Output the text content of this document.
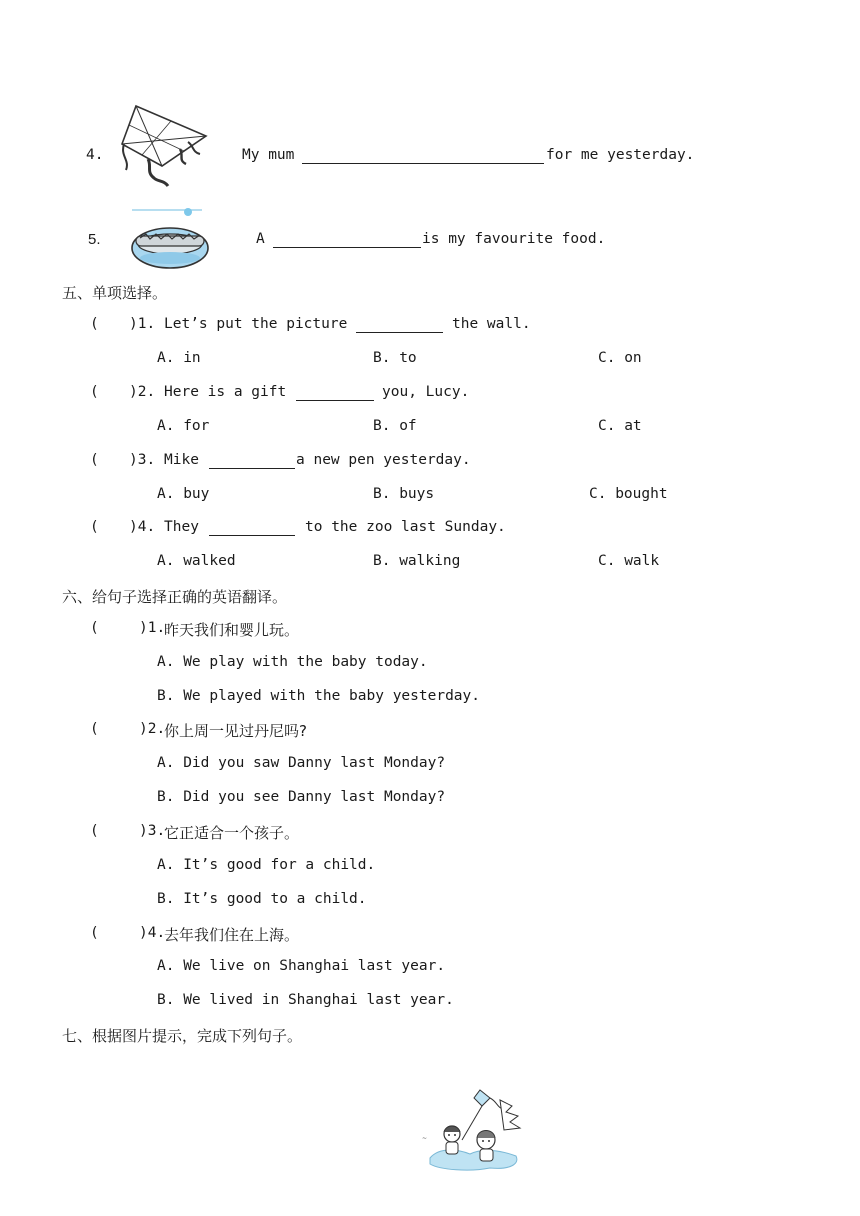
4.	My mum	for me yesterday.
5.	A	is my favourite food.
五、单项选择。
( )1. Let’s put the picture	the wall.
A. in	B. to	C. on
( )2. Here is a gift	you, Lucy.
A. for	B. of	C. at
( )3. Mike	a new pen yesterday.
A. buy	B. buys	C. bought
( )4. They	to the zoo last Sunday.
A. walked	B. walking	C. walk
六、给句子选择正确的英语翻译。
(	)1.
昨天我们和婴儿玩。
A. We play with the baby today.
B. We played with the baby yesterday.
(	)2.
你上周一见过丹尼吗?
A. Did you saw Danny last Monday?
B. Did you see Danny last Monday?
(	)3.
它正适合一个孩子。
A. It’s good for a child.
B. It’s good to a child.
(	)4.
去年我们住在上海。
A. We live on Shanghai last year.
B. We lived in Shanghai last year.
七、根据图片提示，完成下列句子。
~
